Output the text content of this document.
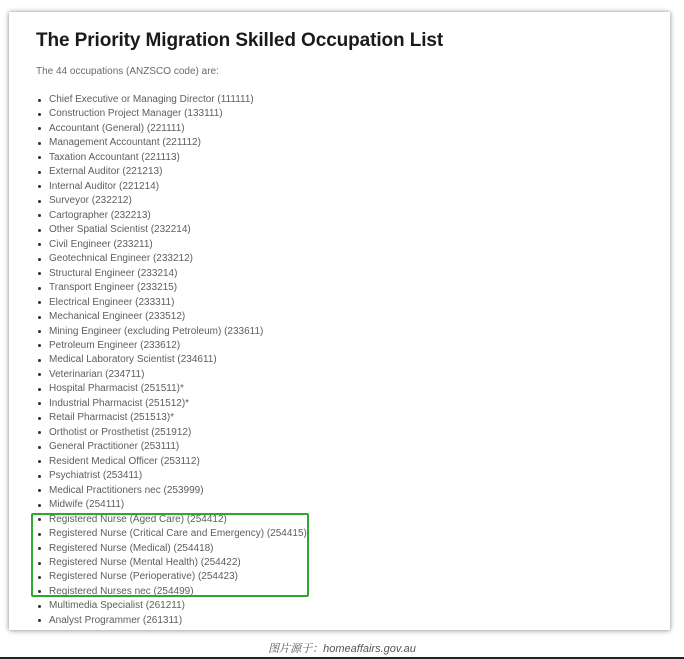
The Priority Migration Skilled Occupation List
The 44 occupations (ANZSCO code) are:
Chief Executive or Managing Director (111111)
Construction Project Manager (133111)
Accountant (General) (221111)
Management Accountant (221112)
Taxation Accountant (221113)
External Auditor (221213)
Internal Auditor (221214)
Surveyor (232212)
Cartographer (232213)
Other Spatial Scientist (232214)
Civil Engineer (233211)
Geotechnical Engineer (233212)
Structural Engineer (233214)
Transport Engineer (233215)
Electrical Engineer (233311)
Mechanical Engineer (233512)
Mining Engineer (excluding Petroleum) (233611)
Petroleum Engineer (233612)
Medical Laboratory Scientist (234611)
Veterinarian (234711)
Hospital Pharmacist (251511)*
Industrial Pharmacist (251512)*
Retail Pharmacist (251513)*
Orthotist or Prosthetist (251912)
General Practitioner (253111)
Resident Medical Officer (253112)
Psychiatrist (253411)
Medical Practitioners nec (253999)
Midwife (254111)
Registered Nurse (Aged Care) (254412)
Registered Nurse (Critical Care and Emergency) (254415)
Registered Nurse (Medical) (254418)
Registered Nurse (Mental Health) (254422)
Registered Nurse (Perioperative) (254423)
Registered Nurses nec (254499)
Multimedia Specialist (261211)
Analyst Programmer (261311)
图片源于：homeaffairs.gov.au
